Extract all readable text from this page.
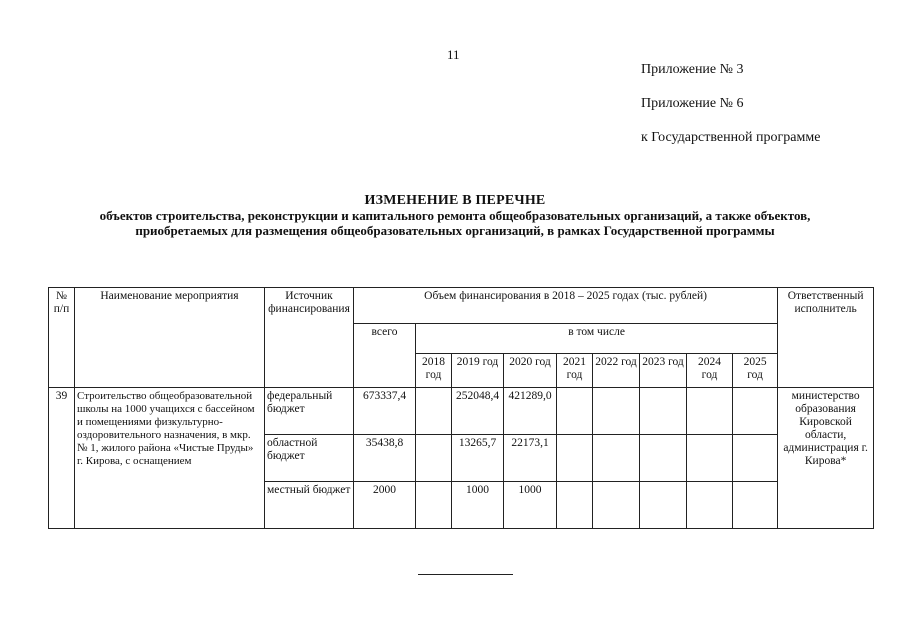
11
Приложение № 3
Приложение № 6
к Государственной программе
ИЗМЕНЕНИЕ В ПЕРЕЧНЕ
объектов строительства, реконструкции и капитального ремонта общеобразовательных организаций, а также объектов, приобретаемых для размещения общеобразовательных организаций, в рамках Государственной программы
№ п/п	Наименование мероприятия	Источник финансирования	Объем финансирования в 2018 – 2025 годах (тыс. рублей)									Ответственный исполнитель
			всего	в том числе								
				2018 год	2019 год	2020 год	2021 год	2022 год	2023 год	2024 год	2025 год	
39	Строительство общеобразовательной школы на 1000 учащихся с бассейном и помещениями физкультурно-оздоровительного назначения, в мкр. № 1, жилого района «Чистые Пруды» г. Кирова, с оснащением	федеральный бюджет	673337,4		252048,4	421289,0						министерство образования Кировской области, администрация г. Кирова*
		областной бюджет	35438,8		13265,7	22173,1						
		местный бюджет	2000		1000	1000						
